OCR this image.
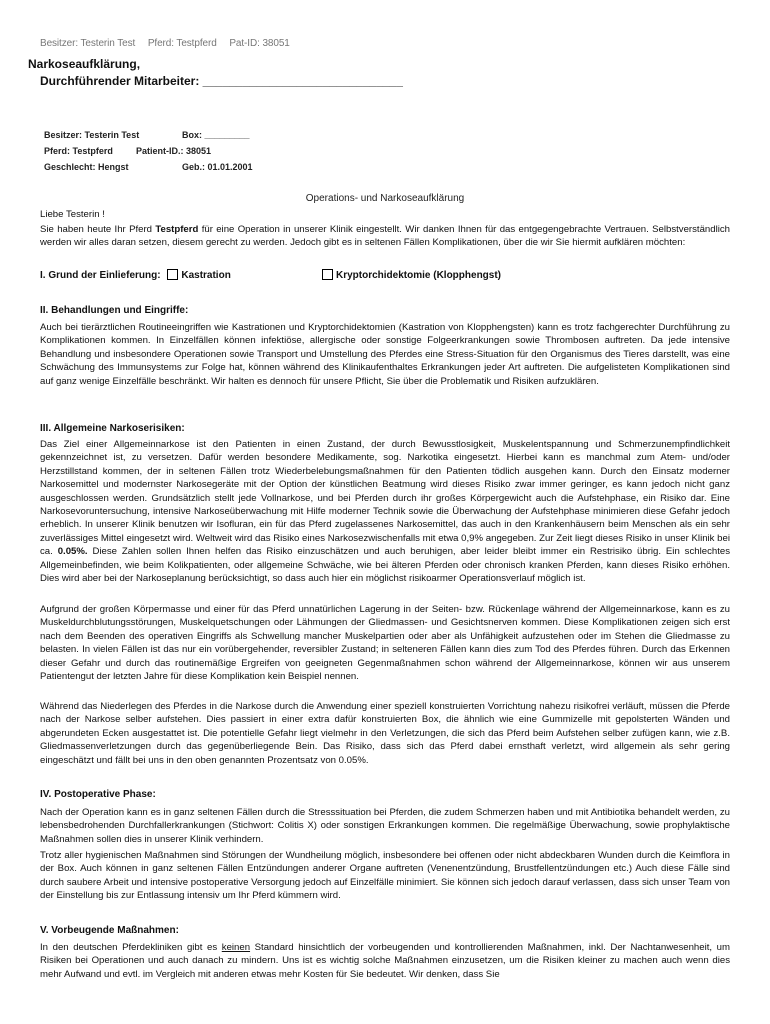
Besitzer: Testerin Test Pferd: Testpferd Pat-ID: 38051
Narkoseaufklärung,
Durchführender Mitarbeiter: ______________________________
Besitzer: Testerin Test	Box: _________
Pferd: Testpferd	Patient-ID.: 38051
Geschlecht: Hengst	Geb.: 01.01.2001
Operations- und Narkoseaufklärung
Liebe Testerin !

Sie haben heute Ihr Pferd Testpferd für eine Operation in unserer Klinik eingestellt. Wir danken Ihnen für das entgegengebrachte Vertrauen. Selbstverständlich werden wir alles daran setzen, diesem gerecht zu werden. Jedoch gibt es in seltenen Fällen Komplikationen, über die wir Sie hiermit aufklären möchten:

I. Grund der Einlieferung: Kastration	Kryptorchidektomie (Klopphengst)
II. Behandlungen und Eingriffe:

Auch bei tierärztlichen Routineeingriffen wie Kastrationen und Kryptorchidektomien (Kastration von Klopphengsten) kann es trotz fachgerechter Durchführung zu Komplikationen kommen. In Einzelfällen können infektiöse, allergische oder sonstige Folgeerkrankungen sowie Thrombosen auftreten. Da jede intensive Behandlung und insbesondere Operationen sowie Transport und Umstellung des Pferdes eine Stress-Situation für den Organismus des Tieres darstellt, was eine Schwächung des Immunsystems zur Folge hat, können während des Klinikaufenthaltes Erkrankungen jeder Art auftreten. Die aufgelisteten Komplikationen sind auf ganz wenige Einzelfälle beschränkt. Wir halten es dennoch für unsere Pflicht, Sie über die Problematik und Risiken aufzuklären.

III. Allgemeine Narkoserisiken:

Das Ziel einer Allgemeinnarkose ist den Patienten in einen Zustand, der durch Bewusstlosigkeit, Muskelentspannung und Schmerzunempfindlichkeit gekennzeichnet ist, zu versetzen. Dafür werden besondere Medikamente, sog. Narkotika eingesetzt. Hierbei kann es manchmal zum Atem- und/oder Herzstillstand kommen, der in seltenen Fällen trotz Wiederbelebungsmaßnahmen für den Patienten tödlich ausgehen kann. Durch den Einsatz moderner Narkosemittel und modernster Narkosegeräte mit der Option der künstlichen Beatmung wird dieses Risiko zwar immer geringer, es kann jedoch nicht ganz ausgeschlossen werden. Grundsätzlich stellt jede Vollnarkose, und bei Pferden durch ihr großes Körpergewicht auch die Aufstehphase, ein Risiko dar. Eine Narkosevoruntersuchung, intensive Narkoseüberwachung mit Hilfe moderner Technik sowie die Überwachung der Aufstehphase minimieren diese Gefahr jedoch erheblich. In unserer Klinik benutzen wir Isofluran, ein für das Pferd zugelassenes Narkosemittel, das auch in den Krankenhäusern beim Menschen als ein sehr zuverlässiges Mittel eingesetzt wird. Weltweit wird das Risiko eines Narkosezwischenfalls mit etwa 0,9% angegeben. Zur Zeit liegt dieses Risiko in unser Klinik bei ca. 0.05%. Diese Zahlen sollen Ihnen helfen das Risiko einzuschätzen und auch beruhigen, aber leider bleibt immer ein Restrisiko übrig. Ein schlechtes Allgemeinbefinden, wie beim Kolikpatienten, oder allgemeine Schwäche, wie bei älteren Pferden oder chronisch kranken Pferden, kann dieses Risiko erhöhen. Dies wird aber bei der Narkoseplanung berücksichtigt, so dass auch hier ein möglichst risikoarmer Operationsverlauf möglich ist.

Aufgrund der großen Körpermasse und einer für das Pferd unnatürlichen Lagerung in der Seiten- bzw. Rückenlage während der Allgemeinnarkose, kann es zu Muskeldurchblutungsstörungen, Muskelquetschungen oder Lähmungen der Gliedmassen- und Gesichtsnerven kommen. Diese Komplikationen zeigen sich erst nach dem Beenden des operativen Eingriffs als Schwellung mancher Muskelpartien oder aber als Unfähigkeit aufzustehen oder im Stehen die Gliedmasse zu belasten. In vielen Fällen ist das nur ein vorübergehender, reversibler Zustand; in selteneren Fällen kann dies zum Tod des Pferdes führen. Durch das Erkennen dieser Gefahr und durch das routinemäßige Ergreifen von geeigneten Gegenmaßnahmen schon während der Allgemeinnarkose, können wir aus unserem Patientengut der letzten Jahre für diese Komplikation kein Beispiel nennen.

Während das Niederlegen des Pferdes in die Narkose durch die Anwendung einer speziell konstruierten Vorrichtung nahezu risikofrei verläuft, müssen die Pferde nach der Narkose selber aufstehen. Dies passiert in einer extra dafür konstruierten Box, die ähnlich wie eine Gummizelle mit gepolsterten Wänden und abgerundeten Ecken ausgestattet ist. Die potentielle Gefahr liegt vielmehr in den Verletzungen, die sich das Pferd beim Aufstehen selber zufügen kann, wie z.B. Gliedmassenverletzungen durch das gegenüberliegende Bein. Das Risiko, dass sich das Pferd dabei ernsthaft verletzt, wird allgemein als sehr gering eingeschätzt und fällt bei uns in den oben genannten Prozentsatz von 0.05%.

IV. Postoperative Phase:

Nach der Operation kann es in ganz seltenen Fällen durch die Stresssituation bei Pferden, die zudem Schmerzen haben und mit Antibiotika behandelt werden, zu lebensbedrohenden Durchfallerkrankungen (Stichwort: Colitis X) oder sonstigen Erkrankungen kommen. Die regelmäßige Überwachung, sowie prophylaktische Maßnahmen sollen dies in unserer Klinik verhindern.

Trotz aller hygienischen Maßnahmen sind Störungen der Wundheilung möglich, insbesondere bei offenen oder nicht abdeckbaren Wunden durch die Keimflora in der Box. Auch können in ganz seltenen Fällen Entzündungen anderer Organe auftreten (Venenentzündung, Brustfellentzündungen etc.) Auch diese Fälle sind durch saubere Arbeit und intensive postoperative Versorgung jedoch auf Einzelfälle minimiert. Sie können sich jedoch darauf verlassen, dass sich unser Team von der Einstellung bis zur Entlassung intensiv um Ihr Pferd kümmern wird.

V. Vorbeugende Maßnahmen:

In den deutschen Pferdekliniken gibt es keinen Standard hinsichtlich der vorbeugenden und kontrollierenden Maßnahmen, inkl. Der Nachtanwesenheit, um Risiken bei Operationen und auch danach zu mindern. Uns ist es wichtig solche Maßnahmen einzusetzen, um die Risiken kleiner zu machen auch wenn dies mehr Aufwand und evtl. im Vergleich mit anderen etwas mehr Kosten für Sie bedeutet. Wir denken, dass Sie
